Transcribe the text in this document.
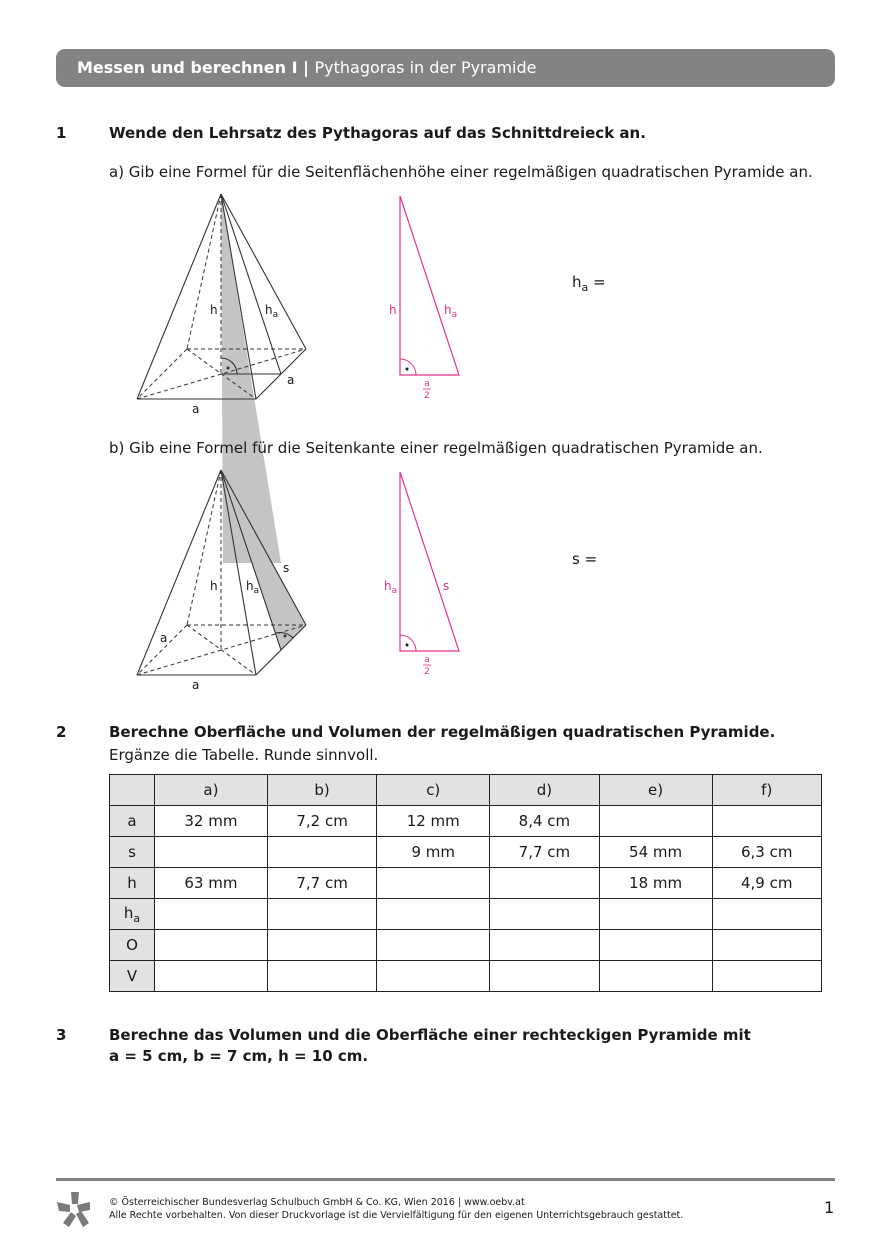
Messen und berechnen I | Pythagoras in der Pyramide
1	Wende den Lehrsatz des Pythagoras auf das Schnittdreieck an.
a) Gib eine Formel für die Seitenflächenhöhe einer regelmäßigen quadratischen Pyramide an.
h	$h_a$
a
a
h	$h_a$
a
2
$h_a$ =
b) Gib eine Formel für die Seitenkante einer regelmäßigen quadratischen Pyramide an.
h $h_a$
s
a
a
$h_a$	s
a
2
s =
2	Berechne Oberfläche und Volumen der regelmäßigen quadratischen Pyramide.
Ergänze die Tabelle. Runde sinnvoll.
	a)	b)	c)	d)	e)	f)
a	32 mm	7,2 cm	12 mm	8,4 cm		
s			9 mm	7,7 cm	54 mm	6,3 cm
h	63 mm	7,7 cm			18 mm	4,9 cm
$h_a$						
O						
V						
3	Berechne das Volumen und die Oberfläche einer rechteckigen Pyramide mit
a = 5 cm, b = 7 cm, h = 10 cm.
© Österreichischer Bundesverlag Schulbuch GmbH & Co. KG, Wien 2016 | www.oebv.at
Alle Rechte vorbehalten. Von dieser Druckvorlage ist die Vervielfältigung für den eigenen Unterrichtsgebrauch gestattet.	1
